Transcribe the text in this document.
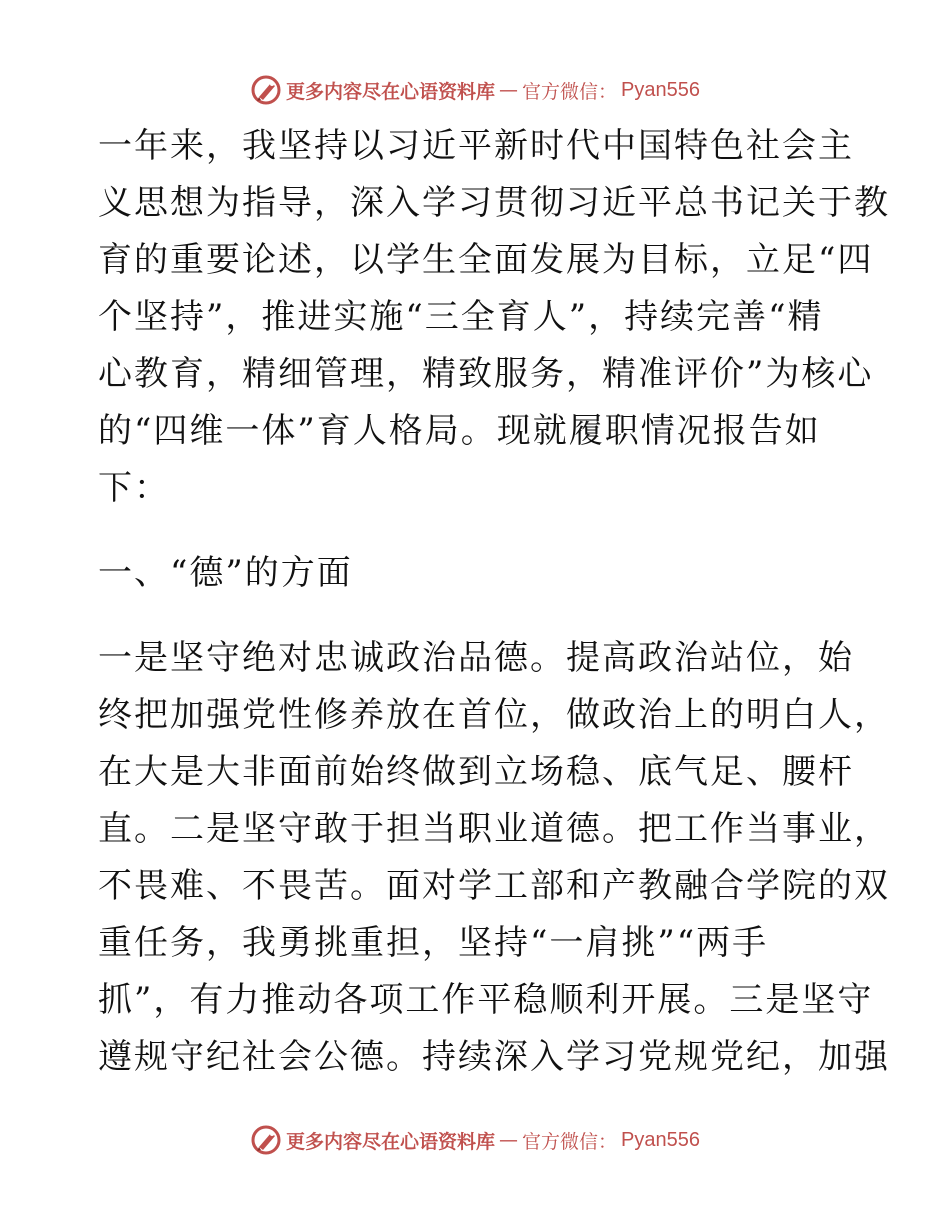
更多内容尽在心语资料库 — 官方微信： Pyan556
一年来，我坚持以习近平新时代中国特色社会主
义思想为指导，深入学习贯彻习近平总书记关于教
育的重要论述，以学生全面发展为目标，立足“四
个坚持”，推进实施“三全育人”，持续完善“精
心教育，精细管理，精致服务，精准评价”为核心
的“四维一体”育人格局。现就履职情况报告如
下：
一、“德”的方面
一是坚守绝对忠诚政治品德。提高政治站位，始
终把加强党性修养放在首位，做政治上的明白人，
在大是大非面前始终做到立场稳、底气足、腰杆
直。二是坚守敢于担当职业道德。把工作当事业，
不畏难、不畏苦。面对学工部和产教融合学院的双
重任务，我勇挑重担，坚持“一肩挑”“两手
抓”，有力推动各项工作平稳顺利开展。三是坚守
遵规守纪社会公德。持续深入学习党规党纪，加强
更多内容尽在心语资料库 — 官方微信： Pyan556
